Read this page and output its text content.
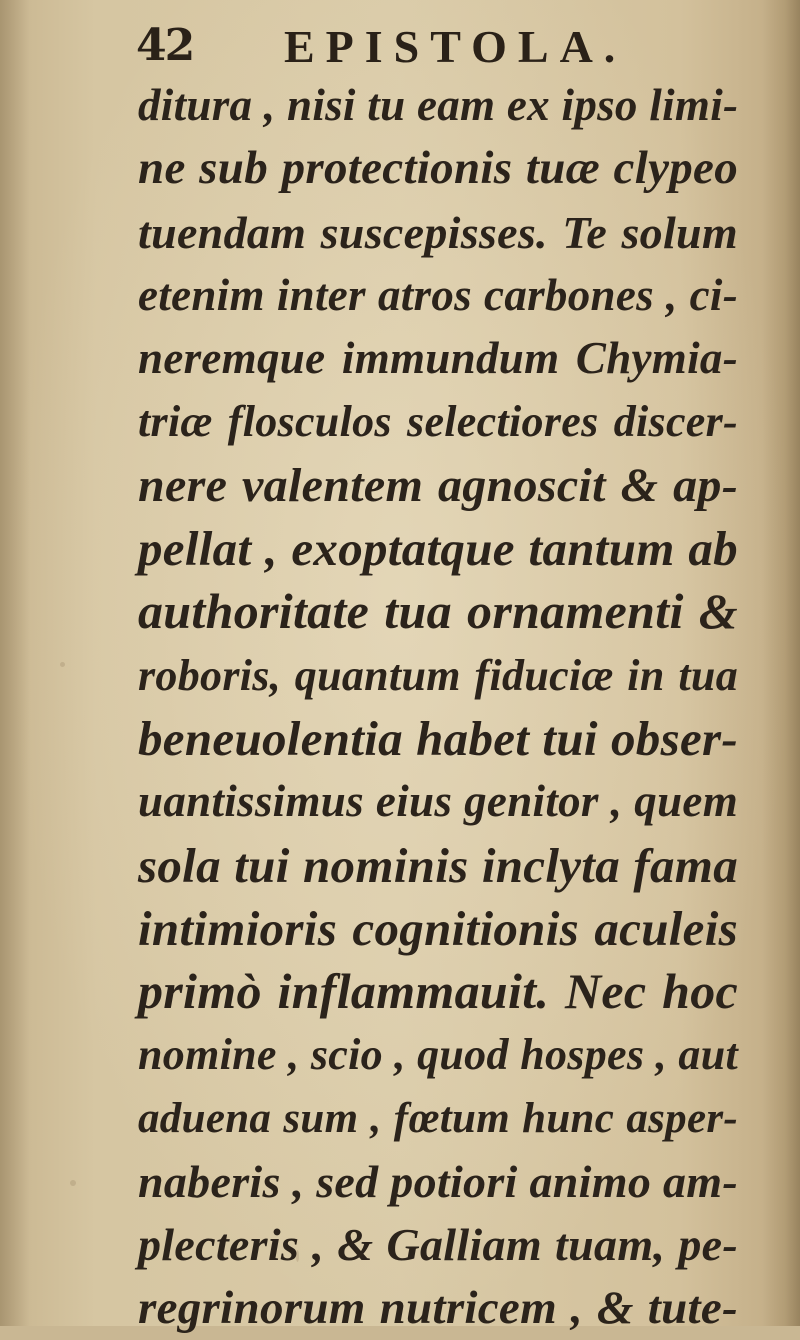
42 EPISTOLA.
ditura , nisi tu eam ex ipso limi-
ne sub protectionis tuæ clypeo
tuendam suscepisses. Te solum
etenim inter atros carbones , ci-
neremque immundum Chymia-
triæ flosculos selectiores discer-
nere valentem agnoscit & ap-
pellat , exoptatque tantum ab
authoritate tua ornamenti &
roboris, quantum fiduciæ in tua
beneuolentia habet tui obser-
uantissimus eius genitor , quem
sola tui nominis inclyta fama
intimioris cognitionis aculeis
primò inflammauit. Nec hoc
nomine , scio , quod hospes , aut
aduena sum , fœtum hunc asper-
naberis , sed potiori animo am-
plecteris , & Galliam tuam, pe-
regrinorum nutricem , & tute-
